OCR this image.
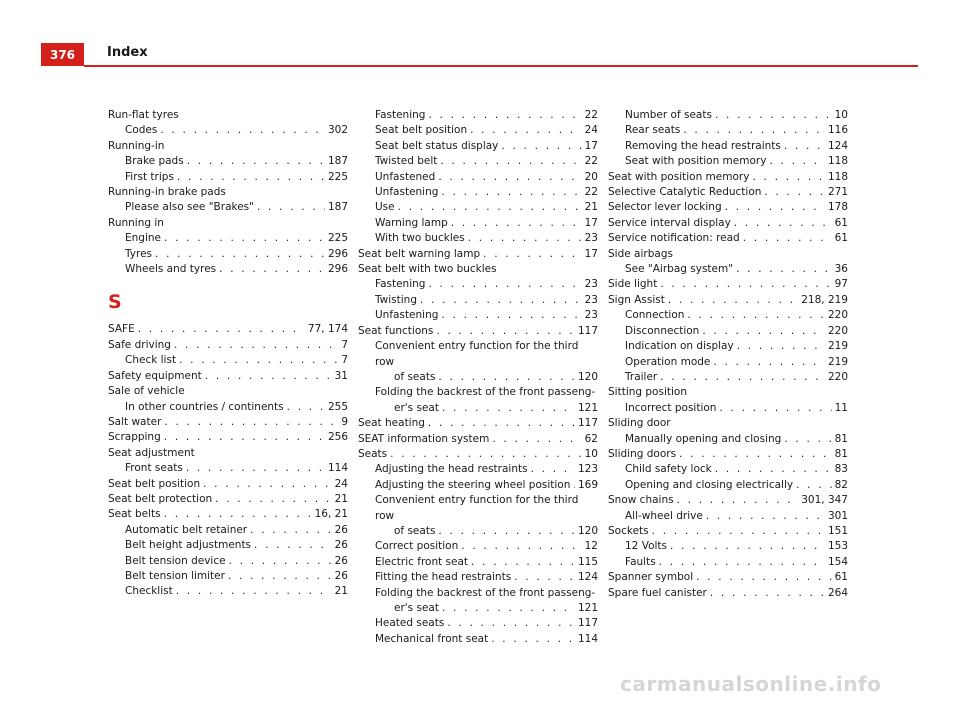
376	Index
Run-flat tyres
Codes . . .	302
Running-in
Brake pads . . .	187
First trips . . .	225
Running-in brake pads
Please also see "Brakes" . . .	187
Running in
Engine . . .	225
Tyres . . .	296
Wheels and tyres . . .	296
S
SAFE . . .	77, 174
Safe driving . . .	7
Check list . . .	7
Safety equipment . . .	31
Sale of vehicle
In other countries / continents . . .	255
Salt water . . .	9
Scrapping . . .	256
Seat adjustment
Front seats . . .	114
Seat belt position . . .	24
Seat belt protection . . .	21
Seat belts . . .	16, 21
Automatic belt retainer . . .	26
Belt height adjustments . . .	26
Belt tension device . . .	26
Belt tension limiter . . .	26
Checklist . . .	21
Fastening . . .	22
Seat belt position . . .	24
Seat belt status display . . .	17
Twisted belt . . .	22
Unfastened . . .	20
Unfastening . . .	22
Use . . .	21
Warning lamp . . .	17
With two buckles . . .	23
Seat belt warning lamp . . .	17
Seat belt with two buckles
Fastening . . .	23
Twisting . . .	23
Unfastening . . .	23
Seat functions . . .	117
Convenient entry function for the third row
of seats . . .	120
Folding the backrest of the front passeng-
er's seat . . .	121
Seat heating . . .	117
SEAT information system . . .	62
Seats . . .	10
Adjusting the head restraints . . .	123
Adjusting the steering wheel position . . . 169
Convenient entry function for the third row
of seats . . .	120
Correct position . . .	12
Electric front seat . . .	115
Fitting the head restraints . . .	124
Folding the backrest of the front passeng-
er's seat . . .	121
Heated seats . . .	117
Mechanical front seat . . .	114
Number of seats . . .	10
Rear seats . . .	116
Removing the head restraints . . .	124
Seat with position memory . . .	118
Seat with position memory . . .	118
Selective Catalytic Reduction . . .	271
Selector lever locking . . .	178
Service interval display . . .	61
Service notification: read . . .	61
Side airbags
See "Airbag system" . . .	36
Side light . . .	97
Sign Assist . . .	218, 219
Connection . . .	220
Disconnection . . .	220
Indication on display . . .	219
Operation mode . . .	219
Trailer . . .	220
Sitting position
Incorrect position . . .	11
Sliding door
Manually opening and closing . . .	81
Sliding doors . . .	81
Child safety lock . . .	83
Opening and closing electrically . . .	82
Snow chains . . .	301, 347
All-wheel drive . . .	301
Sockets . . .	151
12 Volts . . .	153
Faults . . .	154
Spanner symbol . . .	61
Spare fuel canister . . .	264
carmanualsonline.info
